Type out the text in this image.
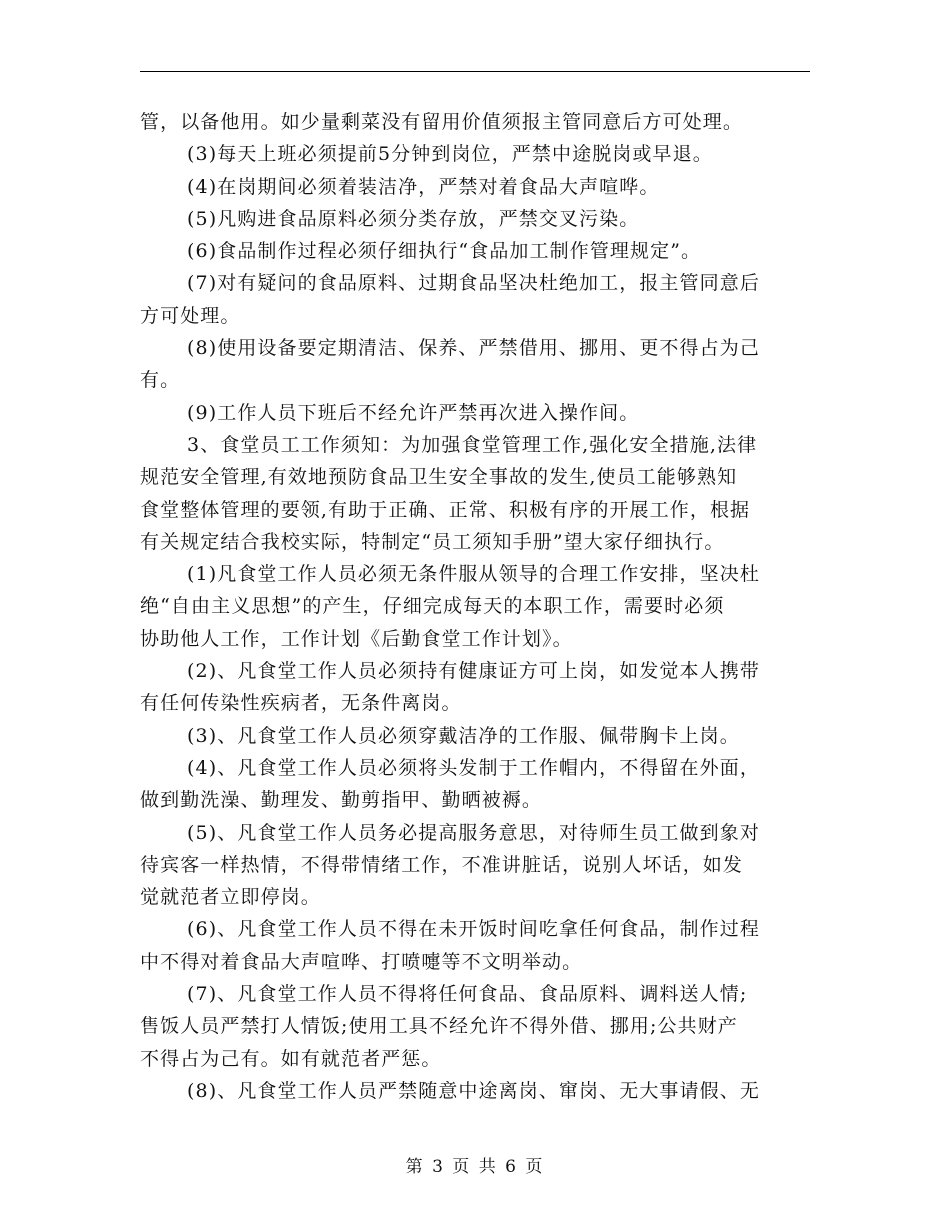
管，以备他用。如少量剩菜没有留用价值须报主管同意后方可处理。
(3)每天上班必须提前5分钟到岗位，严禁中途脱岗或早退。
(4)在岗期间必须着装洁净，严禁对着食品大声喧哗。
(5)凡购进食品原料必须分类存放，严禁交叉污染。
(6)食品制作过程必须仔细执行“食品加工制作管理规定”。
(7)对有疑问的食品原料、过期食品坚决杜绝加工，报主管同意后
方可处理。
(8)使用设备要定期清洁、保养、严禁借用、挪用、更不得占为己
有。
(9)工作人员下班后不经允许严禁再次进入操作间。
3、食堂员工工作须知：为加强食堂管理工作,强化安全措施,法律
规范安全管理,有效地预防食品卫生安全事故的发生,使员工能够熟知
食堂整体管理的要领,有助于正确、正常、积极有序的开展工作，根据
有关规定结合我校实际，特制定“员工须知手册”望大家仔细执行。
(1)凡食堂工作人员必须无条件服从领导的合理工作安排，坚决杜
绝“自由主义思想”的产生，仔细完成每天的本职工作，需要时必须
协助他人工作，工作计划《后勤食堂工作计划》。
(2)、凡食堂工作人员必须持有健康证方可上岗，如发觉本人携带
有任何传染性疾病者，无条件离岗。
(3)、凡食堂工作人员必须穿戴洁净的工作服、佩带胸卡上岗。
(4)、凡食堂工作人员必须将头发制于工作帽内，不得留在外面，
做到勤洗澡、勤理发、勤剪指甲、勤晒被褥。
(5)、凡食堂工作人员务必提高服务意思，对待师生员工做到象对
待宾客一样热情，不得带情绪工作，不准讲脏话，说别人坏话，如发
觉就范者立即停岗。
(6)、凡食堂工作人员不得在未开饭时间吃拿任何食品，制作过程
中不得对着食品大声喧哗、打喷嚏等不文明举动。
(7)、凡食堂工作人员不得将任何食品、食品原料、调料送人情;
售饭人员严禁打人情饭;使用工具不经允许不得外借、挪用;公共财产
不得占为己有。如有就范者严惩。
(8)、凡食堂工作人员严禁随意中途离岗、窜岗、无大事请假、无
第 3 页 共 6 页
